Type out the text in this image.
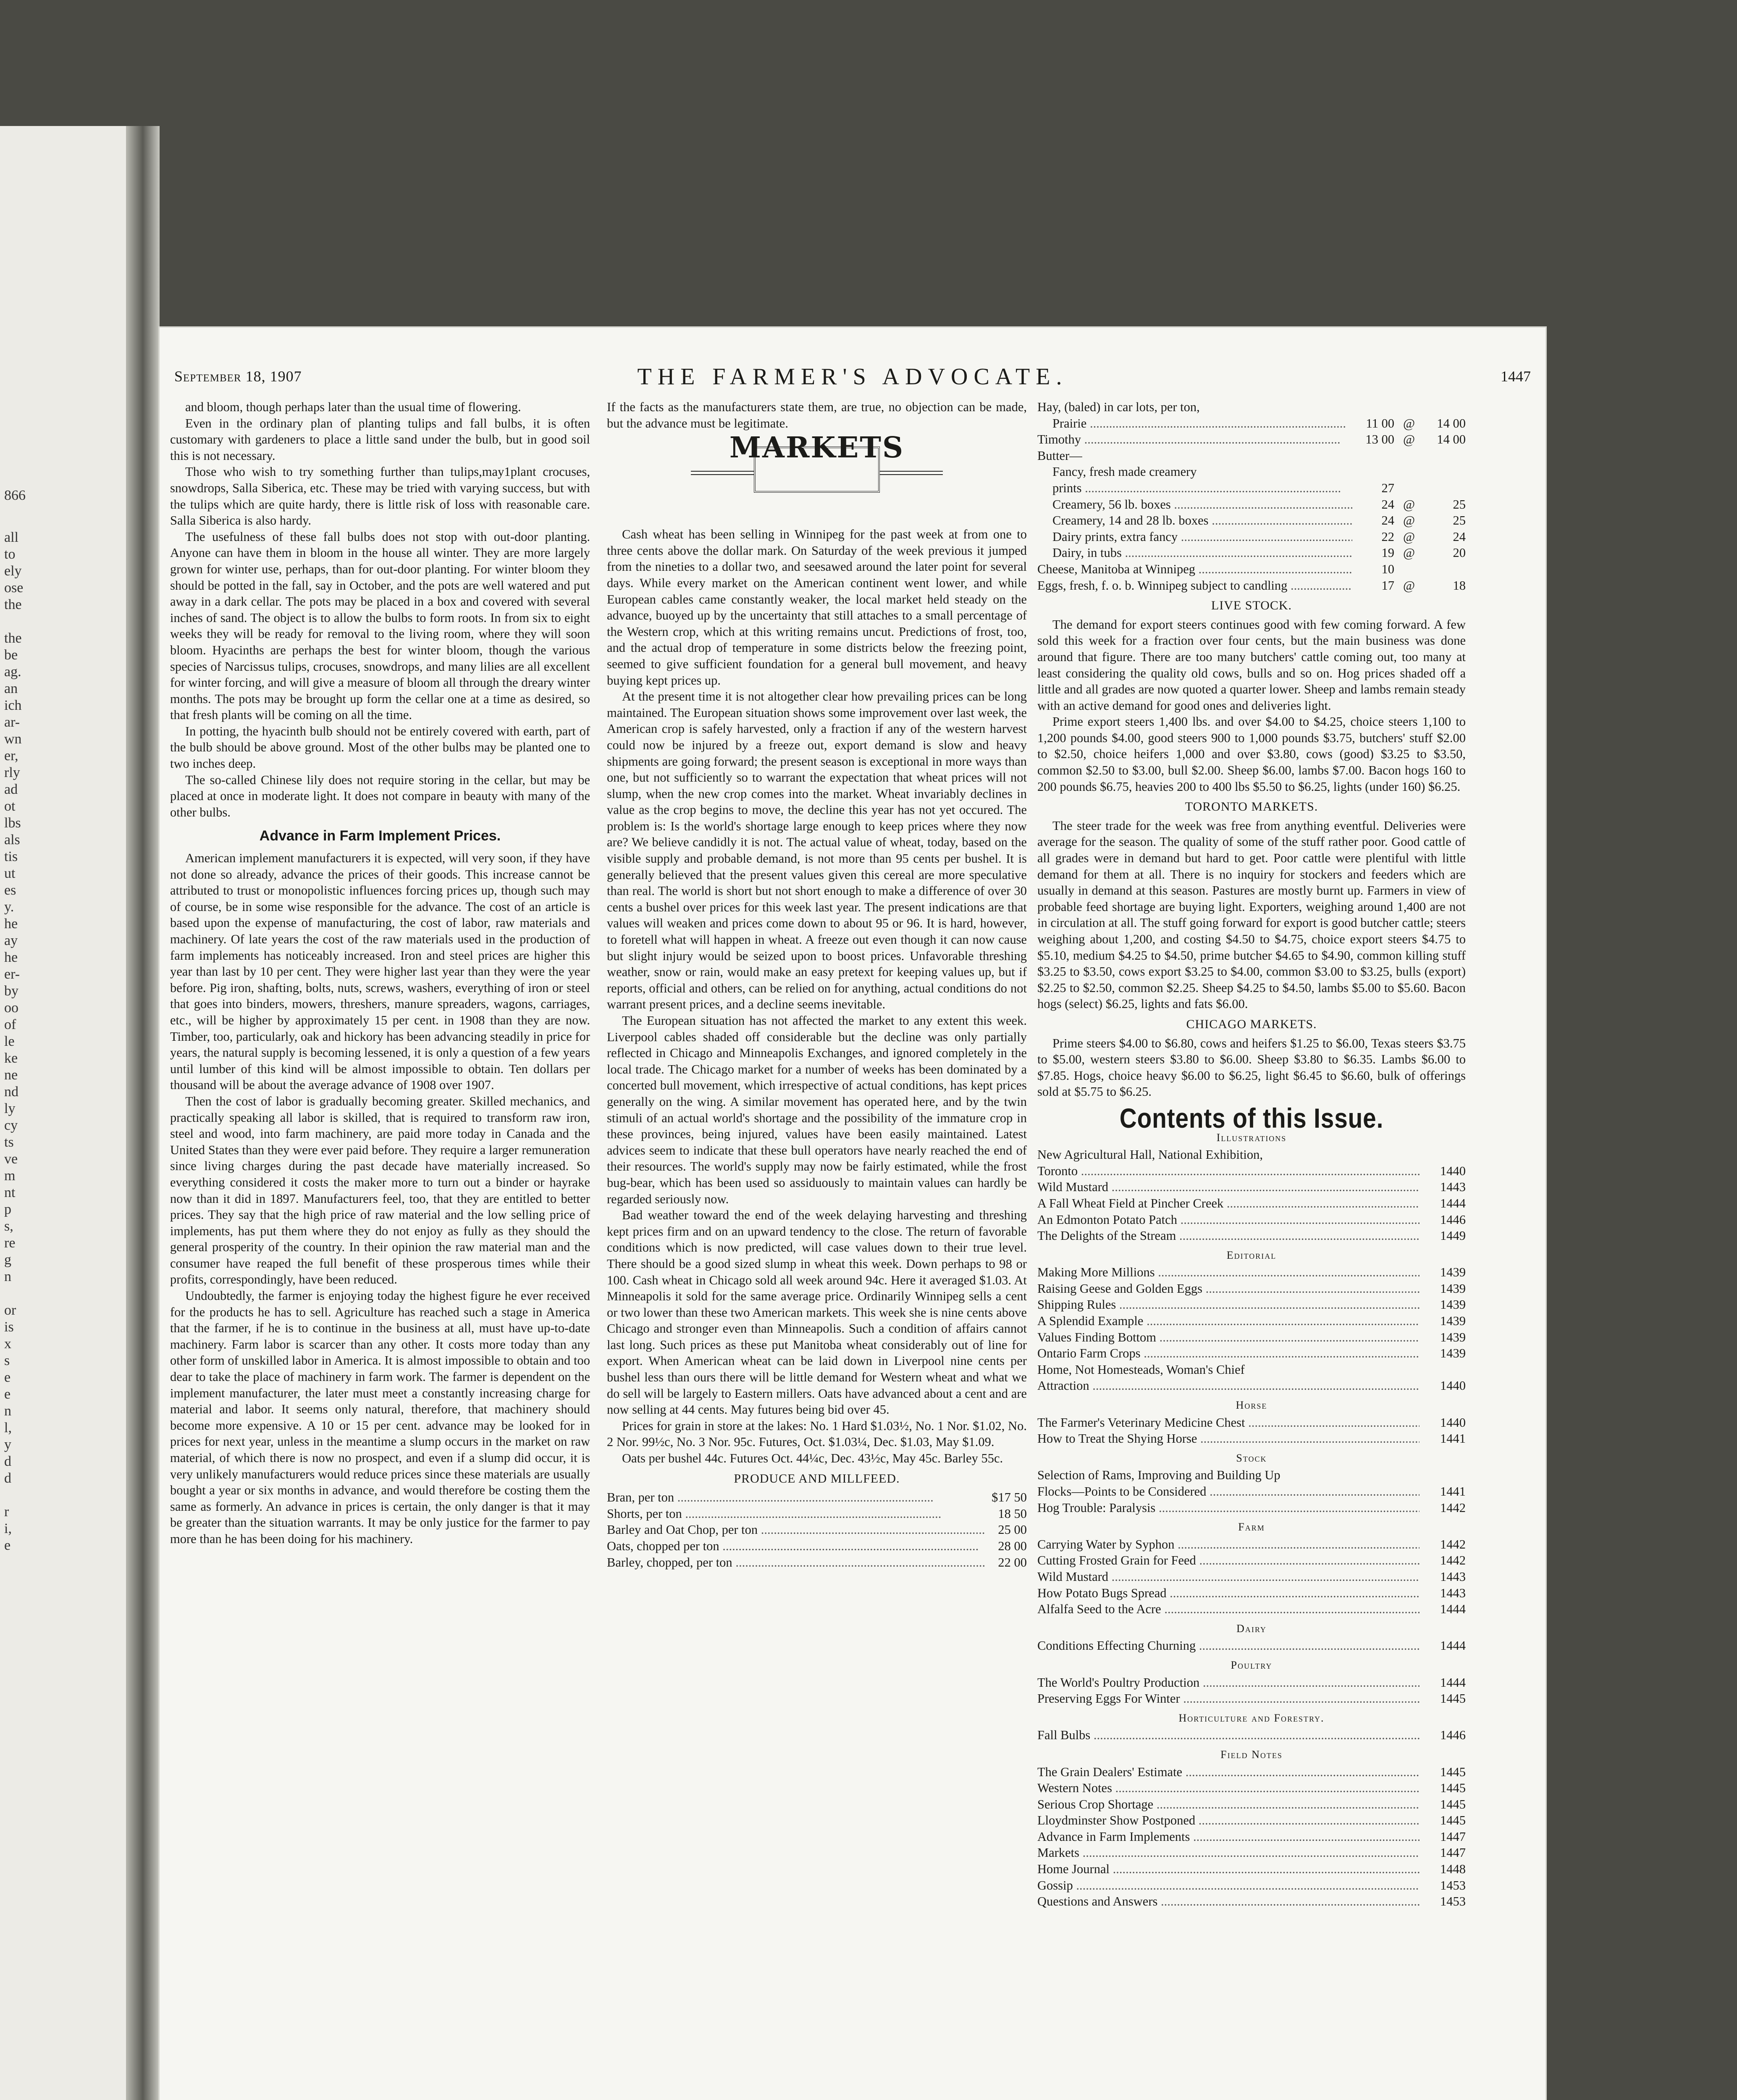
866
all
to
ely
ose
the
the
be
ag.
an
ich
ar-
wn
er,
rly
ad
ot
lbs
als
tis
ut
es
y.
he
ay
he
er-
by
oo
of
le
ke
ne
nd
ly
cy
ts
ve
m
nt
p
s,
re
g
n
or
is
x
s
e
e
n
l,
y
d
d
r
i,
e
September 18, 1907	THE FARMER'S ADVOCATE.	1447

and bloom, though perhaps later than the usual time of flowering.

Even in the ordinary plan of planting tulips and fall bulbs, it is often customary with gardeners to place a little sand under the bulb, but in good soil this is not necessary.

Those who wish to try something further than tulips,may1plant crocuses, snowdrops, Salla Siberica, etc. These may be tried with varying success, but with the tulips which are quite hardy, there is little risk of loss with reasonable care. Salla Siberica is also hardy.

The usefulness of these fall bulbs does not stop with out-door planting. Anyone can have them in bloom in the house all winter. They are more largely grown for winter use, perhaps, than for out-door planting. For winter bloom they should be potted in the fall, say in October, and the pots are well watered and put away in a dark cellar. The pots may be placed in a box and covered with several inches of sand. The object is to allow the bulbs to form roots. In from six to eight weeks they will be ready for removal to the living room, where they will soon bloom. Hyacinths are perhaps the best for winter bloom, though the various species of Narcissus tulips, crocuses, snowdrops, and many lilies are all excellent for winter forcing, and will give a measure of bloom all through the dreary winter months. The pots may be brought up form the cellar one at a time as desired, so that fresh plants will be coming on all the time.

In potting, the hyacinth bulb should not be entirely covered with earth, part of the bulb should be above ground. Most of the other bulbs may be planted one to two inches deep.

The so-called Chinese lily does not require storing in the cellar, but may be placed at once in moderate light. It does not compare in beauty with many of the other bulbs.

Advance in Farm Implement Prices.

American implement manufacturers it is expected, will very soon, if they have not done so already, advance the prices of their goods. This increase cannot be attributed to trust or monopolistic influences forcing prices up, though such may of course, be in some wise responsible for the advance. The cost of an article is based upon the expense of manufacturing, the cost of labor, raw materials and machinery. Of late years the cost of the raw materials used in the production of farm implements has noticeably increased. Iron and steel prices are higher this year than last by 10 per cent. They were higher last year than they were the year before. Pig iron, shafting, bolts, nuts, screws, washers, everything of iron or steel that goes into binders, mowers, threshers, manure spreaders, wagons, carriages, etc., will be higher by approximately 15 per cent. in 1908 than they are now. Timber, too, particularly, oak and hickory has been advancing steadily in price for years, the natural supply is becoming lessened, it is only a question of a few years until lumber of this kind will be almost impossible to obtain. Ten dollars per thousand will be about the average advance of 1908 over 1907.

Then the cost of labor is gradually becoming greater. Skilled mechanics, and practically speaking all labor is skilled, that is required to transform raw iron, steel and wood, into farm machinery, are paid more today in Canada and the United States than they were ever paid before. They require a larger remuneration since living charges during the past decade have materially increased. So everything considered it costs the maker more to turn out a binder or hayrake now than it did in 1897. Manufacturers feel, too, that they are entitled to better prices. They say that the high price of raw material and the low selling price of implements, has put them where they do not enjoy as fully as they should the general prosperity of the country. In their opinion the raw material man and the consumer have reaped the full benefit of these prosperous times while their profits, correspondingly, have been reduced.

Undoubtedly, the farmer is enjoying today the highest figure he ever received for the products he has to sell. Agriculture has reached such a stage in America that the farmer, if he is to continue in the business at all, must have up-to-date machinery. Farm labor is scarcer than any other. It costs more today than any other form of unskilled labor in America. It is almost impossible to obtain and too dear to take the place of machinery in farm work. The farmer is dependent on the implement manufacturer, the later must meet a constantly increasing charge for material and labor. It seems only natural, therefore, that machinery should become more expensive. A 10 or 15 per cent. advance may be looked for in prices for next year, unless in the meantime a slump occurs in the market on raw material, of which there is now no prospect, and even if a slump did occur, it is very unlikely manufacturers would reduce prices since these materials are usually bought a year or six months in advance, and would therefore be costing them the same as formerly. An advance in prices is certain, the only danger is that it may be greater than the situation warrants. It may be only justice for the farmer to pay more than he has been doing for his machinery.

If the facts as the manufacturers state them, are true, no objection can be made, but the advance must be legitimate.

MARKETS

Cash wheat has been selling in Winnipeg for the past week at from one to three cents above the dollar mark. On Saturday of the week previous it jumped from the nineties to a dollar two, and seesawed around the later point for several days. While every market on the American continent went lower, and while European cables came constantly weaker, the local market held steady on the advance, buoyed up by the uncertainty that still attaches to a small percentage of the Western crop, which at this writing remains uncut. Predictions of frost, too, and the actual drop of temperature in some districts below the freezing point, seemed to give sufficient foundation for a general bull movement, and heavy buying kept prices up.

At the present time it is not altogether clear how prevailing prices can be long maintained. The European situation shows some improvement over last week, the American crop is safely harvested, only a fraction if any of the western harvest could now be injured by a freeze out, export demand is slow and heavy shipments are going forward; the present season is exceptional in more ways than one, but not sufficiently so to warrant the expectation that wheat prices will not slump, when the new crop comes into the market. Wheat invariably declines in value as the crop begins to move, the decline this year has not yet occured. The problem is: Is the world's shortage large enough to keep prices where they now are? We believe candidly it is not. The actual value of wheat, today, based on the visible supply and probable demand, is not more than 95 cents per bushel. It is generally believed that the present values given this cereal are more speculative than real. The world is short but not short enough to make a difference of over 30 cents a bushel over prices for this week last year. The present indications are that values will weaken and prices come down to about 95 or 96. It is hard, however, to foretell what will happen in wheat. A freeze out even though it can now cause but slight injury would be seized upon to boost prices. Unfavorable threshing weather, snow or rain, would make an easy pretext for keeping values up, but if reports, official and others, can be relied on for anything, actual conditions do not warrant present prices, and a decline seems inevitable.

The European situation has not affected the market to any extent this week. Liverpool cables shaded off considerable but the decline was only partially reflected in Chicago and Minneapolis Exchanges, and ignored completely in the local trade. The Chicago market for a number of weeks has been dominated by a concerted bull movement, which irrespective of actual conditions, has kept prices generally on the wing. A similar movement has operated here, and by the twin stimuli of an actual world's shortage and the possibility of the immature crop in these provinces, being injured, values have been easily maintained. Latest advices seem to indicate that these bull operators have nearly reached the end of their resources. The world's supply may now be fairly estimated, while the frost bug-bear, which has been used so assiduously to maintain values can hardly be regarded seriously now.

Bad weather toward the end of the week delaying harvesting and threshing kept prices firm and on an upward tendency to the close. The return of favorable conditions which is now predicted, will case values down to their true level. There should be a good sized slump in wheat this week. Down perhaps to 98 or 100. Cash wheat in Chicago sold all week around 94c. Here it averaged $1.03. At Minneapolis it sold for the same average price. Ordinarily Winnipeg sells a cent or two lower than these two American markets. This week she is nine cents above Chicago and stronger even than Minneapolis. Such a condition of affairs cannot last long. Such prices as these put Manitoba wheat considerably out of line for export. When American wheat can be laid down in Liverpool nine cents per bushel less than ours there will be little demand for Western wheat and what we do sell will be largely to Eastern millers. Oats have advanced about a cent and are now selling at 44 cents. May futures being bid over 45.

Prices for grain in store at the lakes: No. 1 Hard $1.03½, No. 1 Nor. $1.02, No. 2 Nor. 99½c, No. 3 Nor. 95c. Futures, Oct. $1.03¼, Dec. $1.03, May $1.09.

Oats per bushel 44c. Futures Oct. 44¼c, Dec. 43½c, May 45c. Barley 55c.

PRODUCE AND MILLFEED.
Bran, per ton .....	$17 50
Shorts, per ton .....	18 50
Barley and Oat Chop, per ton .....	25 00
Oats, chopped per ton .....	28 00
Barley, chopped, per ton .....	22 00
Hay, (baled) in car lots, per ton,
Prairie .....	11 00 @	14 00
Timothy .....	13 00 @	14 00
Butter—
Fancy, fresh made creamery
prints .....	27
Creamery, 56 lb. boxes .....	24 @	25
Creamery, 14 and 28 lb. boxes .....	24 @	25
Dairy prints, extra fancy .....	22 @	24
Dairy, in tubs .....	19 @	20
Cheese, Manitoba at Winnipeg .....	10
Eggs, fresh, f. o. b. Winnipeg subject to candling .....	17 @	18
LIVE STOCK.

The demand for export steers continues good with few coming forward. A few sold this week for a fraction over four cents, but the main business was done around that figure. There are too many butchers' cattle coming out, too many at least considering the quality old cows, bulls and so on. Hog prices shaded off a little and all grades are now quoted a quarter lower. Sheep and lambs remain steady with an active demand for good ones and deliveries light.

Prime export steers 1,400 lbs. and over $4.00 to $4.25, choice steers 1,100 to 1,200 pounds $4.00, good steers 900 to 1,000 pounds $3.75, butchers' stuff $2.00 to $2.50, choice heifers 1,000 and over $3.80, cows (good) $3.25 to $3.50, common $2.50 to $3.00, bull $2.00. Sheep $6.00, lambs $7.00. Bacon hogs 160 to 200 pounds $6.75, heavies 200 to 400 lbs $5.50 to $6.25, lights (under 160) $6.25.

TORONTO MARKETS.

The steer trade for the week was free from anything eventful. Deliveries were average for the season. The quality of some of the stuff rather poor. Good cattle of all grades were in demand but hard to get. Poor cattle were plentiful with little demand for them at all. There is no inquiry for stockers and feeders which are usually in demand at this season. Pastures are mostly burnt up. Farmers in view of probable feed shortage are buying light. Exporters, weighing around 1,400 are not in circulation at all. The stuff going forward for export is good butcher cattle; steers weighing about 1,200, and costing $4.50 to $4.75, choice export steers $4.75 to $5.10, medium $4.25 to $4.50, prime butcher $4.65 to $4.90, common killing stuff $3.25 to $3.50, cows export $3.25 to $4.00, common $3.00 to $3.25, bulls (export) $2.25 to $2.50, common $2.25. Sheep $4.25 to $4.50, lambs $5.00 to $5.60. Bacon hogs (select) $6.25, lights and fats $6.00.

CHICAGO MARKETS.

Prime steers $4.00 to $6.80, cows and heifers $1.25 to $6.00, Texas steers $3.75 to $5.00, western steers $3.80 to $6.00. Sheep $3.80 to $6.35. Lambs $6.00 to $7.85. Hogs, choice heavy $6.00 to $6.25, light $6.45 to $6.60, bulk of offerings sold at $5.75 to $6.25.

Contents of this Issue.
Illustrations
New Agricultural Hall, National Exhibition,
Toronto .....	1440
Wild Mustard .....	1443
A Fall Wheat Field at Pincher Creek .....	1444
An Edmonton Potato Patch .....	1446
The Delights of the Stream .....	1449
Editorial
Making More Millions .....	1439
Raising Geese and Golden Eggs .....	1439
Shipping Rules .....	1439
A Splendid Example .....	1439
Values Finding Bottom .....	1439
Ontario Farm Crops .....	1439
Home, Not Homesteads, Woman's Chief
Attraction .....	1440
Horse
The Farmer's Veterinary Medicine Chest .....	1440
How to Treat the Shying Horse .....	1441
Stock
Selection of Rams, Improving and Building Up
Flocks—Points to be Considered .....	1441
Hog Trouble: Paralysis .....	1442
Farm
Carrying Water by Syphon .....	1442
Cutting Frosted Grain for Feed .....	1442
Wild Mustard .....	1443
How Potato Bugs Spread .....	1443
Alfalfa Seed to the Acre .....	1444
Dairy
Conditions Effecting Churning .....	1444
Poultry
The World's Poultry Production .....	1444
Preserving Eggs For Winter .....	1445
Horticulture and Forestry.
Fall Bulbs .....	1446
Field Notes
The Grain Dealers' Estimate .....	1445
Western Notes .....	1445
Serious Crop Shortage .....	1445
Lloydminster Show Postponed .....	1445
Advance in Farm Implements .....	1447
Markets .....	1447
Home Journal .....	1448
Gossip .....	1453
Questions and Answers .....	1453
